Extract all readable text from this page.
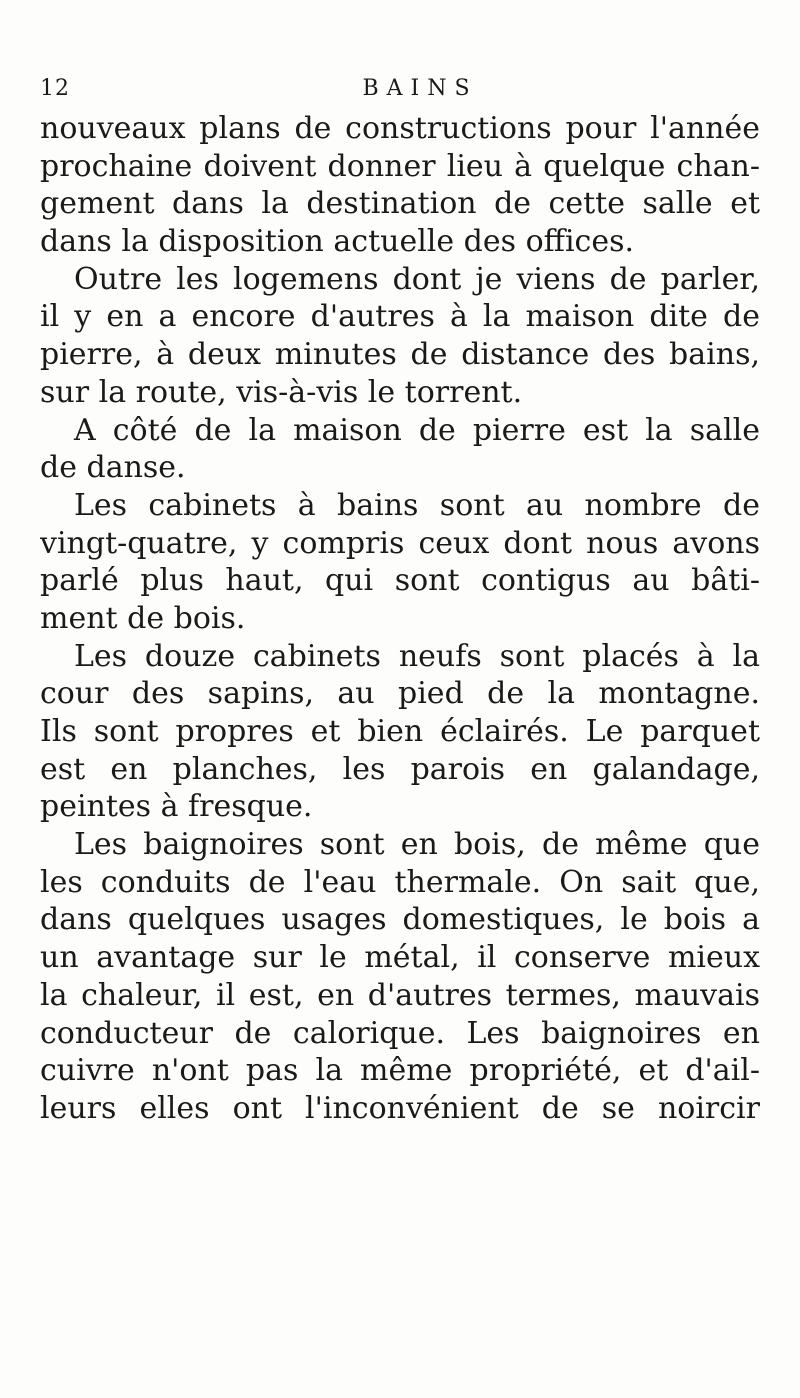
12	BAINS
nouveaux plans de constructions pour l'année
prochaine doivent donner lieu à quelque chan-
gement dans la destination de cette salle et
dans la disposition actuelle des offices.
Outre les logemens dont je viens de parler,
il y en a encore d'autres à la maison dite de
pierre, à deux minutes de distance des bains,
sur la route, vis-à-vis le torrent.
A côté de la maison de pierre est la salle
de danse.
Les cabinets à bains sont au nombre de
vingt-quatre, y compris ceux dont nous avons
parlé plus haut, qui sont contigus au bâti-
ment de bois.
Les douze cabinets neufs sont placés à la
cour des sapins, au pied de la montagne.
Ils sont propres et bien éclairés. Le parquet
est en planches, les parois en galandage,
peintes à fresque.
Les baignoires sont en bois, de même que
les conduits de l'eau thermale. On sait que,
dans quelques usages domestiques, le bois a
un avantage sur le métal, il conserve mieux
la chaleur, il est, en d'autres termes, mauvais
conducteur de calorique. Les baignoires en
cuivre n'ont pas la même propriété, et d'ail-
leurs elles ont l'inconvénient de se noircir
